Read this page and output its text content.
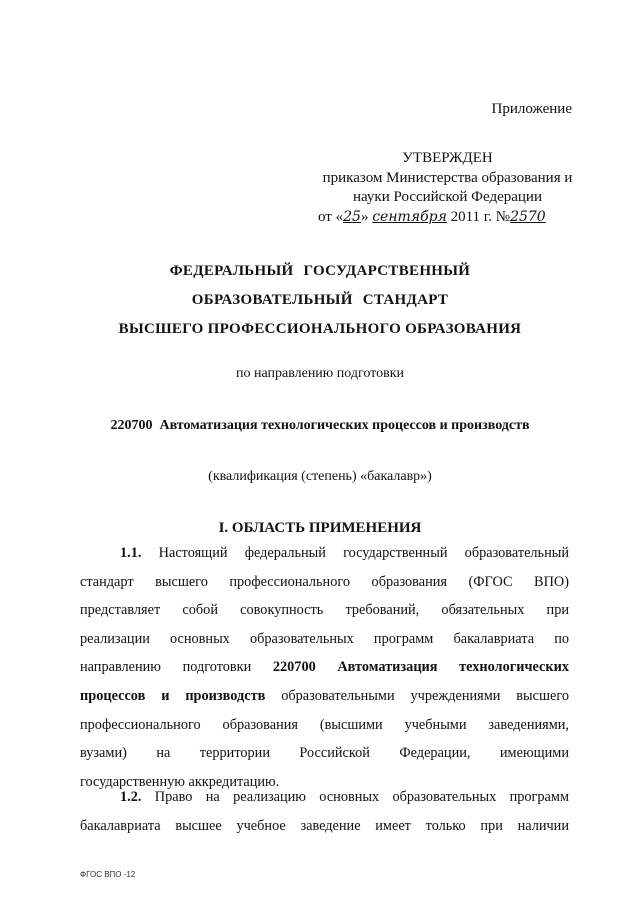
Приложение
УТВЕРЖДЕН
приказом Министерства образования и
науки Российской Федерации
от «25» сентября 2011 г. №2570
ФЕДЕРАЛЬНЫЙ ГОСУДАРСТВЕННЫЙ
ОБРАЗОВАТЕЛЬНЫЙ СТАНДАРТ
ВЫСШЕГО ПРОФЕССИОНАЛЬНОГО ОБРАЗОВАНИЯ
по направлению подготовки
220700  Автоматизация технологических процессов и производств
(квалификация (степень) «бакалавр»)
I. ОБЛАСТЬ ПРИМЕНЕНИЯ
1.1. Настоящий федеральный государственный образовательный
стандарт высшего профессионального образования (ФГОС ВПО)
представляет собой совокупность требований, обязательных при
реализации основных образовательных программ бакалавриата по
направлению подготовки 220700 Автоматизация технологических
процессов и производств образовательными учреждениями высшего
профессионального образования (высшими учебными заведениями,
вузами) на территории Российской Федерации, имеющими
государственную аккредитацию.
1.2. Право на реализацию основных образовательных программ
бакалавриата высшее учебное заведение имеет только при наличии
ФГОС ВПО -12
